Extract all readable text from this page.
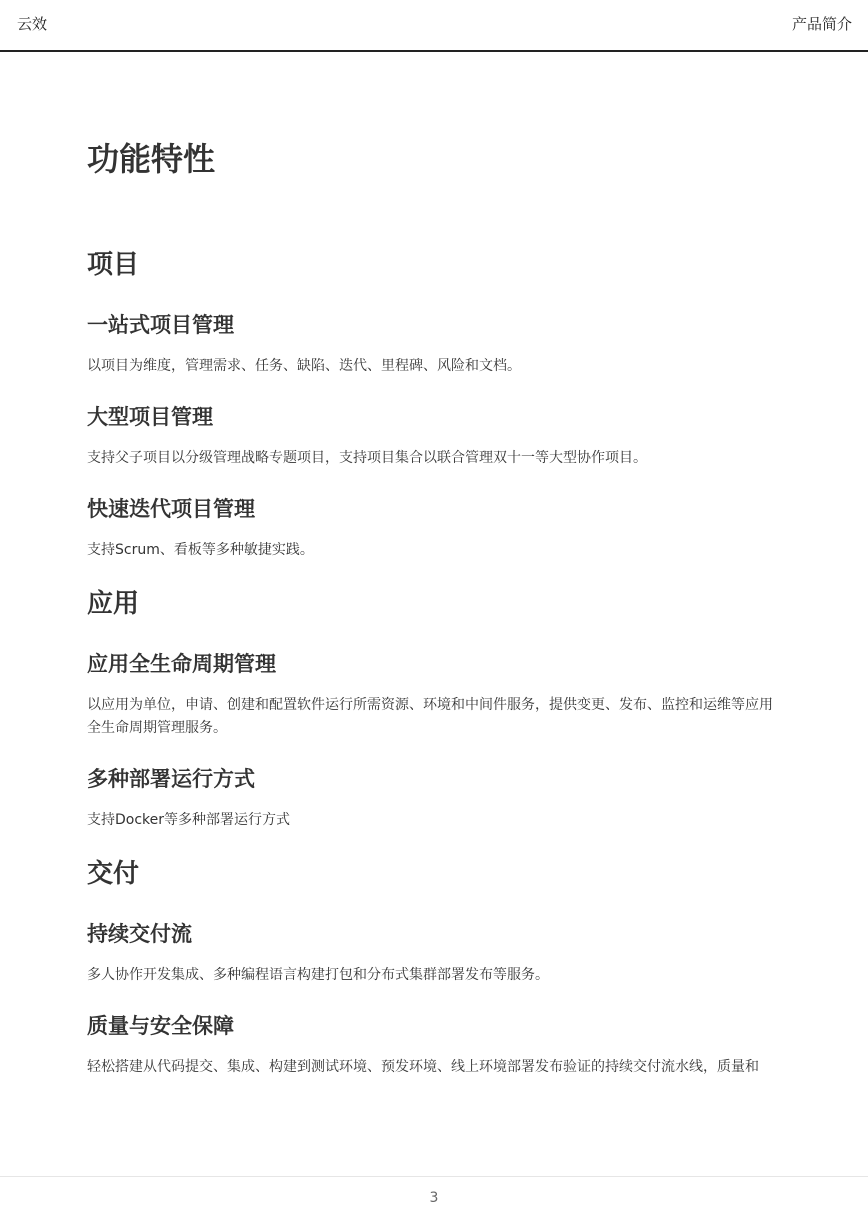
云效	产品简介
功能特性
项目
一站式项目管理

以项目为维度，管理需求、任务、缺陷、迭代、里程碑、风险和文档。

大型项目管理

支持父子项目以分级管理战略专题项目，支持项目集合以联合管理双十一等大型协作项目。

快速迭代项目管理

支持Scrum、看板等多种敏捷实践。

应用
应用全生命周期管理

以应用为单位，申请、创建和配置软件运行所需资源、环境和中间件服务，提供变更、发布、监控和运维等应用全生命周期管理服务。

多种部署运行方式

支持Docker等多种部署运行方式

交付
持续交付流

多人协作开发集成、多种编程语言构建打包和分布式集群部署发布等服务。

质量与安全保障

轻松搭建从代码提交、集成、构建到测试环境、预发环境、线上环境部署发布验证的持续交付流水线，质量和

3
